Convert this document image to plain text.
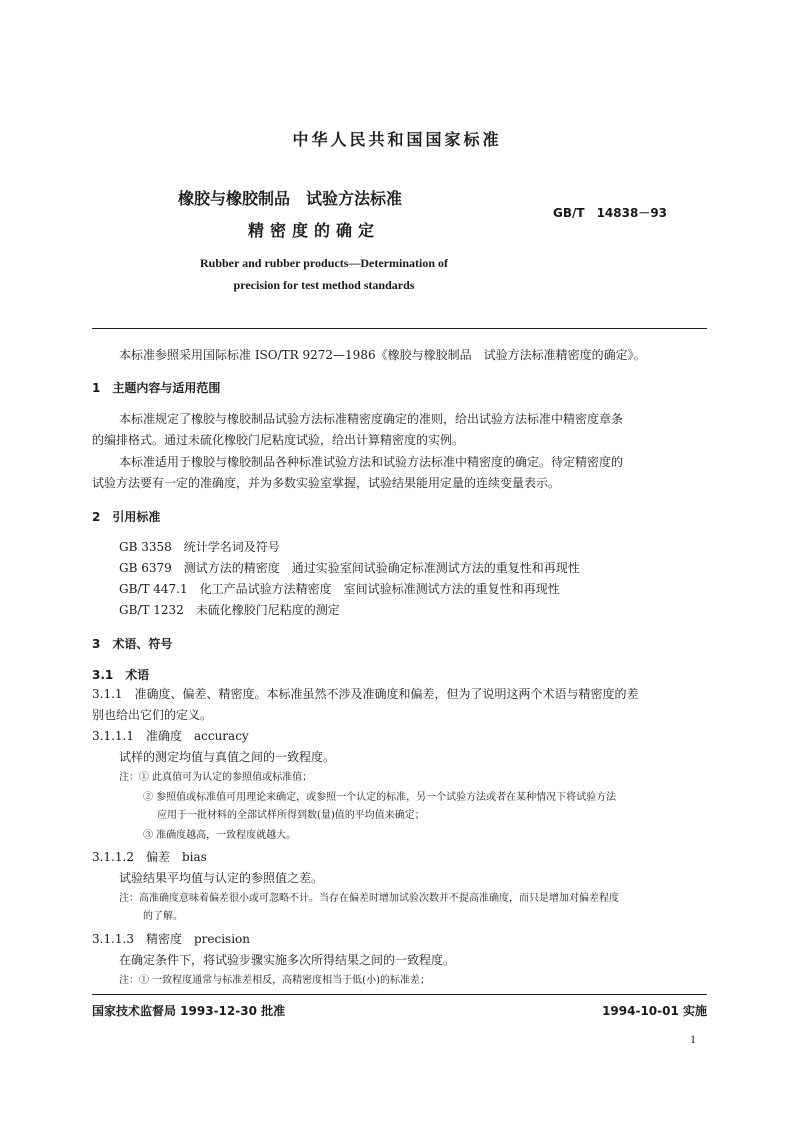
中华人民共和国国家标准
橡胶与橡胶制品　试验方法标准
精密度的确定
GB/T　14838－93
Rubber and rubber products—Determination of
precision for test method standards
本标准参照采用国际标准 ISO/TR 9272—1986《橡胶与橡胶制品　试验方法标准精密度的确定》。
1　主题内容与适用范围
本标准规定了橡胶与橡胶制品试验方法标准精密度确定的准则，给出试验方法标准中精密度章条
的编排格式。通过未硫化橡胶门尼粘度试验，给出计算精密度的实例。
本标准适用于橡胶与橡胶制品各种标准试验方法和试验方法标准中精密度的确定。待定精密度的
试验方法要有一定的准确度，并为多数实验室掌握，试验结果能用定量的连续变量表示。
2　引用标准
GB 3358　统计学名词及符号
GB 6379　测试方法的精密度　通过实验室间试验确定标准测试方法的重复性和再现性
GB/T 447.1　化工产品试验方法精密度　室间试验标准测试方法的重复性和再现性
GB/T 1232　未硫化橡胶门尼粘度的测定
3　术语、符号
3.1　术语
3.1.1　准确度、偏差、精密度。本标准虽然不涉及准确度和偏差，但为了说明这两个术语与精密度的差
别也给出它们的定义。
3.1.1.1　准确度　accuracy
试样的测定均值与真值之间的一致程度。
注：① 此真值可为认定的参照值或标准值；
② 参照值或标准值可用理论来确定，或参照一个认定的标准，另一个试验方法或者在某种情况下将试验方法
应用于一批材料的全部试样所得到数(量)值的平均值来确定；
③ 准确度越高，一致程度就越大。
3.1.1.2　偏差　bias
试验结果平均值与认定的参照值之差。
注：高准确度意味着偏差很小或可忽略不计。当存在偏差时增加试验次数并不提高准确度，而只是增加对偏差程度
的了解。
3.1.1.3　精密度　precision
在确定条件下，将试验步骤实施多次所得结果之间的一致程度。
注：① 一致程度通常与标准差相反，高精密度相当于低(小)的标准差；
国家技术监督局 1993-12-30 批准	1994-10-01 实施
1
